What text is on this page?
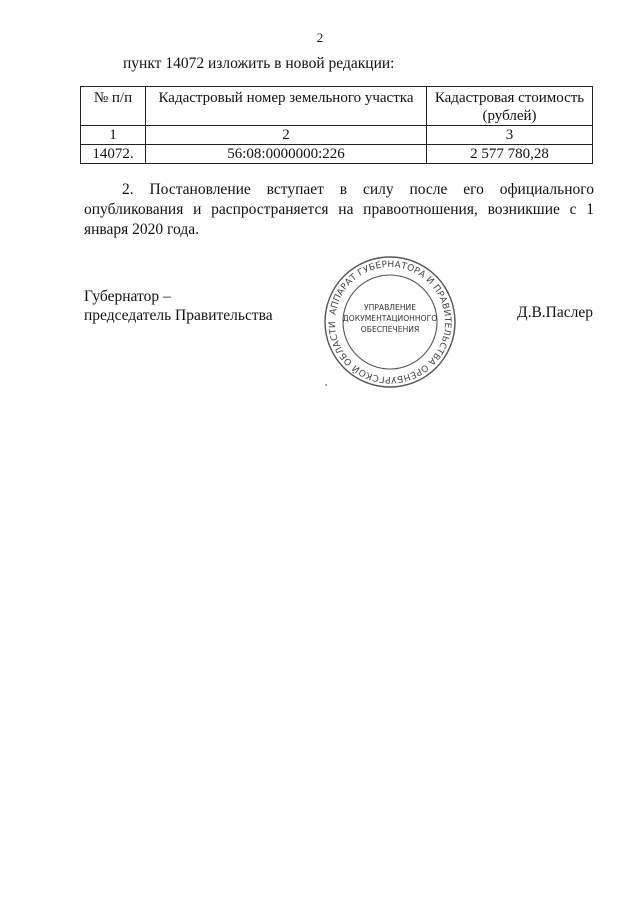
2
пункт 14072 изложить в новой редакции:
№ п/п	Кадастровый номер земельного участка	Кадастровая стоимость (рублей)
1	2	3
14072.	56:08:0000000:226	2 577 780,28
2. Постановление вступает в силу после его официального опубликования и распространяется на правоотношения, возникшие с 1 января 2020 года.
Губернатор –
председатель Правительства	Д.В.Паслер
АППАРАТ ГУБЕРНАТОРА И ПРАВИТЕЛЬСТВА ОРЕНБУРГСКОЙ ОБЛАСТИ
УПРАВЛЕНИЕ
ДОКУМЕНТАЦИОННОГО
ОБЕСПЕЧЕНИЯ
